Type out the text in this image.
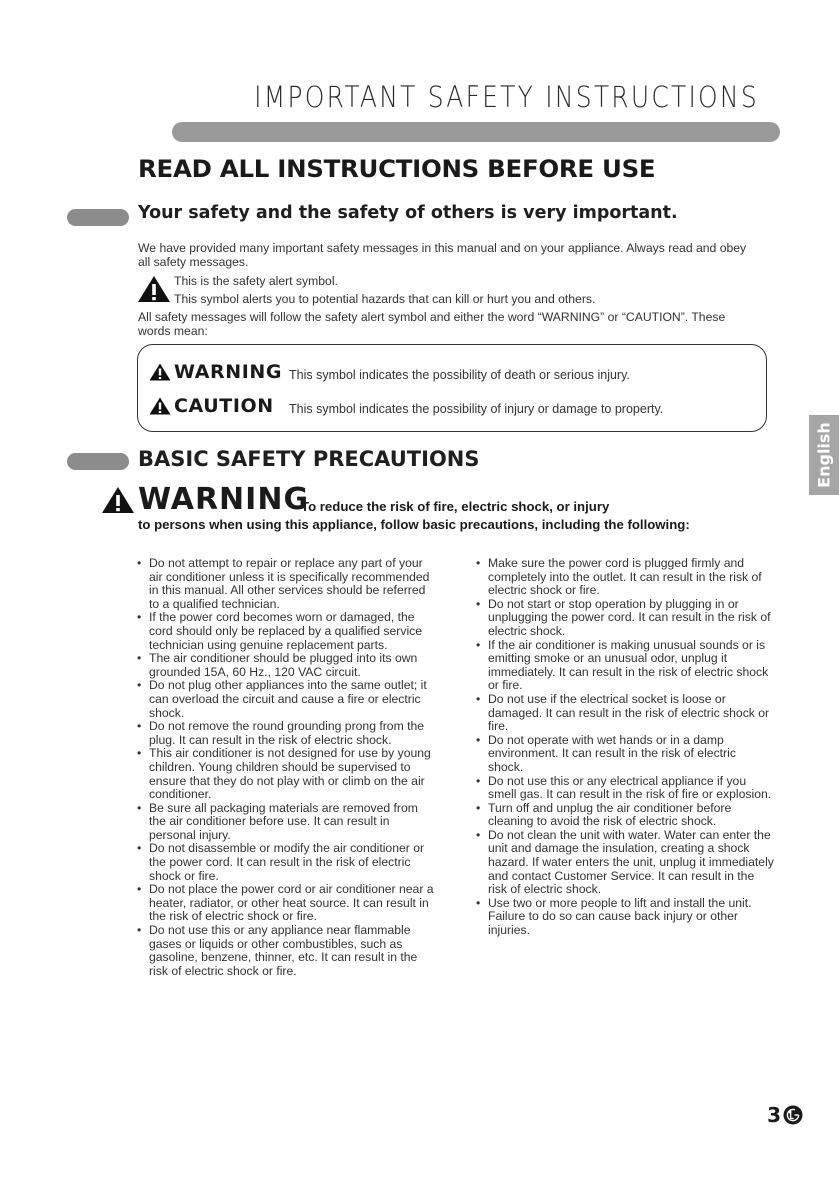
IMPORTANT SAFETY INSTRUCTIONS
READ ALL INSTRUCTIONS BEFORE USE
Your safety and the safety of others is very important.
We have provided many important safety messages in this manual and on your appliance. Always read and obey all safety messages.
This is the safety alert symbol.
This symbol alerts you to potential hazards that can kill or hurt you and others.
All safety messages will follow the safety alert symbol and either the word “WARNING” or “CAUTION”. These words mean:
WARNING This symbol indicates the possibility of death or serious injury.
CAUTION This symbol indicates the possibility of injury or damage to property.
English
BASIC SAFETY PRECAUTIONS
WARNING
To reduce the risk of fire, electric shock, or injury
to persons when using this appliance, follow basic precautions, including the following:
• Do not attempt to repair or replace any part of your air conditioner unless it is specifically recommended in this manual. All other services should be referred to a qualified technician.
• If the power cord becomes worn or damaged, the cord should only be replaced by a qualified service technician using genuine replacement parts.
• The air conditioner should be plugged into its own grounded 15A, 60 Hz., 120 VAC circuit.
• Do not plug other appliances into the same outlet; it can overload the circuit and cause a fire or electric shock.
• Do not remove the round grounding prong from the plug. It can result in the risk of electric shock.
• This air conditioner is not designed for use by young children. Young children should be supervised to ensure that they do not play with or climb on the air conditioner.
• Be sure all packaging materials are removed from the air conditioner before use. It can result in personal injury.
• Do not disassemble or modify the air conditioner or the power cord. It can result in the risk of electric shock or fire.
• Do not place the power cord or air conditioner near a heater, radiator, or other heat source. It can result in the risk of electric shock or fire.
• Do not use this or any appliance near flammable gases or liquids or other combustibles, such as gasoline, benzene, thinner, etc. It can result in the risk of electric shock or fire.
• Make sure the power cord is plugged firmly and completely into the outlet. It can result in the risk of electric shock or fire.
• Do not start or stop operation by plugging in or unplugging the power cord. It can result in the risk of electric shock.
• If the air conditioner is making unusual sounds or is emitting smoke or an unusual odor, unplug it immediately. It can result in the risk of electric shock or fire.
• Do not use if the electrical socket is loose or damaged. It can result in the risk of electric shock or fire.
• Do not operate with wet hands or in a damp environment. It can result in the risk of electric shock.
• Do not use this or any electrical appliance if you smell gas. It can result in the risk of fire or explosion.
• Turn off and unplug the air conditioner before cleaning to avoid the risk of electric shock.
• Do not clean the unit with water. Water can enter the unit and damage the insulation, creating a shock hazard. If water enters the unit, unplug it immediately and contact Customer Service. It can result in the risk of electric shock.
• Use two or more people to lift and install the unit. Failure to do so can cause back injury or other injuries.
3
